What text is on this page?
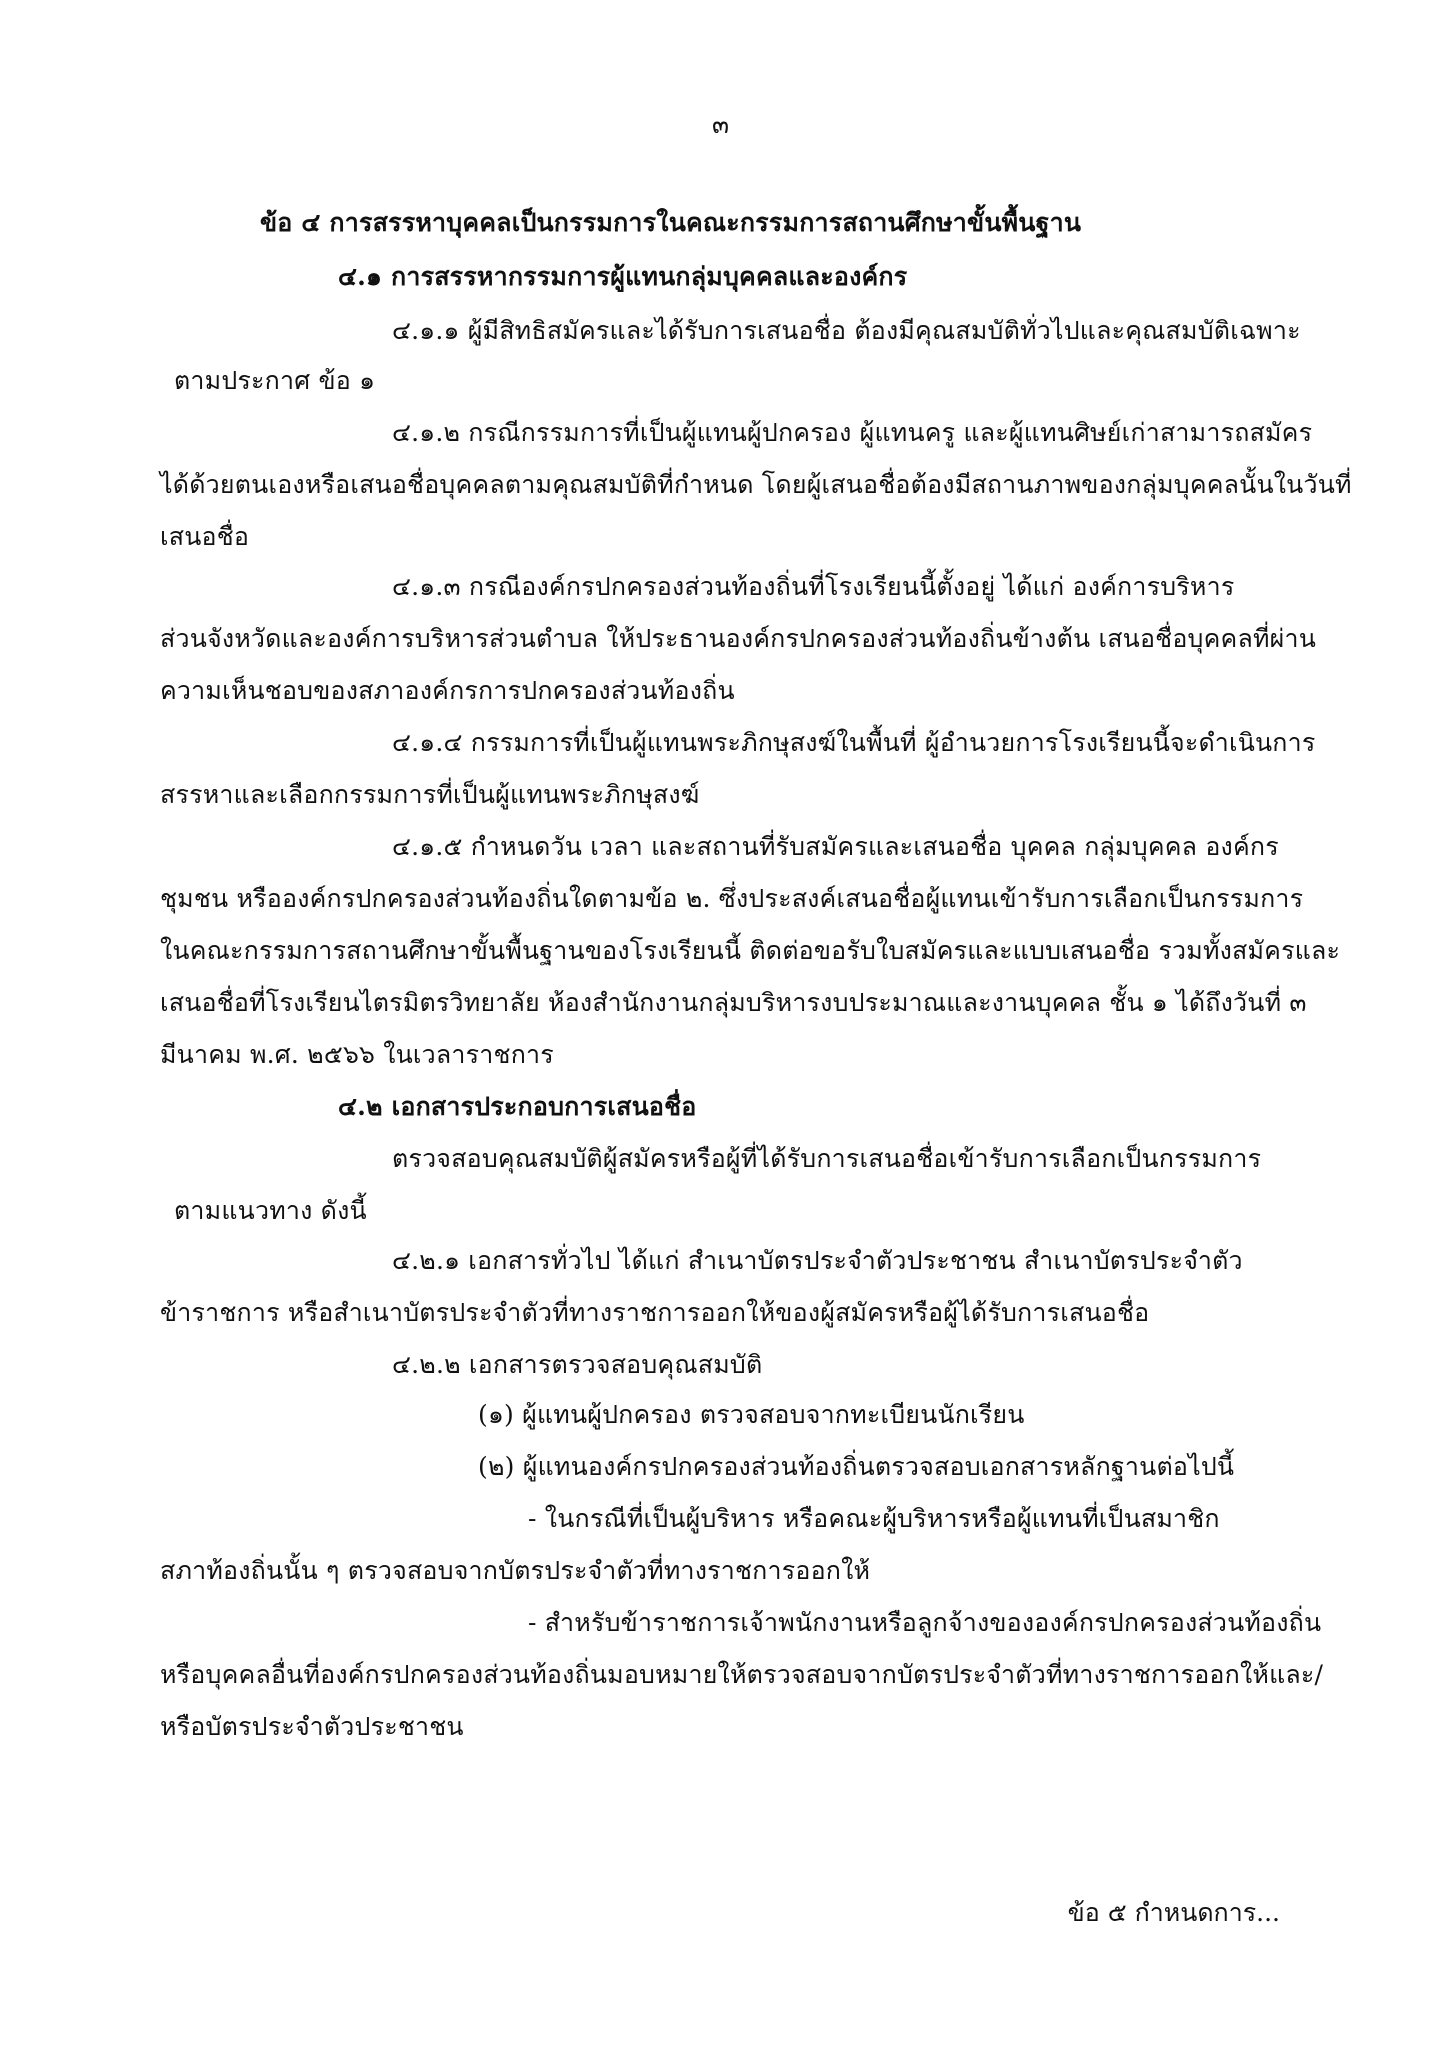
๓
ข้อ ๔ การสรรหาบุคคลเป็นกรรมการในคณะกรรมการสถานศึกษาขั้นพื้นฐาน
๔.๑ การสรรหากรรมการผู้แทนกลุ่มบุคคลและองค์กร
๔.๑.๑ ผู้มีสิทธิสมัครและได้รับการเสนอชื่อ ต้องมีคุณสมบัติทั่วไปและคุณสมบัติเฉพาะ
ตามประกาศ ข้อ ๑
๔.๑.๒ กรณีกรรมการที่เป็นผู้แทนผู้ปกครอง ผู้แทนครู และผู้แทนศิษย์เก่าสามารถสมัคร
ได้ด้วยตนเองหรือเสนอชื่อบุคคลตามคุณสมบัติที่กำหนด โดยผู้เสนอชื่อต้องมีสถานภาพของกลุ่มบุคคลนั้นในวันที่
เสนอชื่อ
๔.๑.๓ กรณีองค์กรปกครองส่วนท้องถิ่นที่โรงเรียนนี้ตั้งอยู่ ได้แก่ องค์การบริหาร
ส่วนจังหวัดและองค์การบริหารส่วนตำบล ให้ประธานองค์กรปกครองส่วนท้องถิ่นข้างต้น เสนอชื่อบุคคลที่ผ่าน
ความเห็นชอบของสภาองค์กรการปกครองส่วนท้องถิ่น
๔.๑.๔ กรรมการที่เป็นผู้แทนพระภิกษุสงฆ์ในพื้นที่ ผู้อำนวยการโรงเรียนนี้จะดำเนินการ
สรรหาและเลือกกรรมการที่เป็นผู้แทนพระภิกษุสงฆ์
๔.๑.๕ กำหนดวัน เวลา และสถานที่รับสมัครและเสนอชื่อ บุคคล กลุ่มบุคคล องค์กร
ชุมชน หรือองค์กรปกครองส่วนท้องถิ่นใดตามข้อ ๒. ซึ่งประสงค์เสนอชื่อผู้แทนเข้ารับการเลือกเป็นกรรมการ
ในคณะกรรมการสถานศึกษาขั้นพื้นฐานของโรงเรียนนี้ ติดต่อขอรับใบสมัครและแบบเสนอชื่อ รวมทั้งสมัครและ
เสนอชื่อที่โรงเรียนไตรมิตรวิทยาลัย ห้องสำนักงานกลุ่มบริหารงบประมาณและงานบุคคล ชั้น ๑ ได้ถึงวันที่ ๓
มีนาคม พ.ศ. ๒๕๖๖ ในเวลาราชการ
๔.๒ เอกสารประกอบการเสนอชื่อ
ตรวจสอบคุณสมบัติผู้สมัครหรือผู้ที่ได้รับการเสนอชื่อเข้ารับการเลือกเป็นกรรมการ
ตามแนวทาง ดังนี้
๔.๒.๑ เอกสารทั่วไป ได้แก่ สำเนาบัตรประจำตัวประชาชน สำเนาบัตรประจำตัว
ข้าราชการ หรือสำเนาบัตรประจำตัวที่ทางราชการออกให้ของผู้สมัครหรือผู้ได้รับการเสนอชื่อ
๔.๒.๒ เอกสารตรวจสอบคุณสมบัติ
(๑) ผู้แทนผู้ปกครอง ตรวจสอบจากทะเบียนนักเรียน
(๒) ผู้แทนองค์กรปกครองส่วนท้องถิ่นตรวจสอบเอกสารหลักฐานต่อไปนี้
- ในกรณีที่เป็นผู้บริหาร หรือคณะผู้บริหารหรือผู้แทนที่เป็นสมาชิก
สภาท้องถิ่นนั้น ๆ ตรวจสอบจากบัตรประจำตัวที่ทางราชการออกให้
- สำหรับข้าราชการเจ้าพนักงานหรือลูกจ้างขององค์กรปกครองส่วนท้องถิ่น
หรือบุคคลอื่นที่องค์กรปกครองส่วนท้องถิ่นมอบหมายให้ตรวจสอบจากบัตรประจำตัวที่ทางราชการออกให้และ/
หรือบัตรประจำตัวประชาชน
ข้อ ๕ กำหนดการ...
